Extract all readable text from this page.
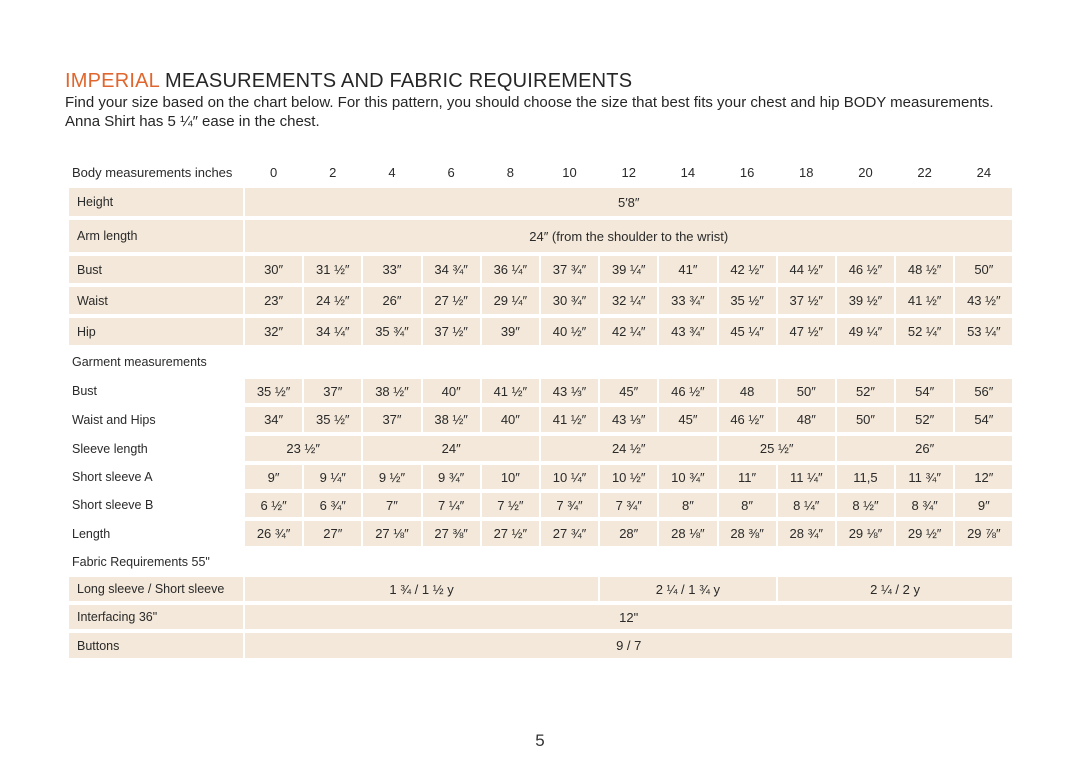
IMPERIAL MEASUREMENTS AND FABRIC REQUIREMENTS

Find your size based on the chart below. For this pattern, you should choose the size that best fits your chest and hip BODY measurements. Anna Shirt has 5 ¼″ ease in the chest.

Body measurements inches	0	2	4	6	8	10	12	14	16	18	20	22	24
Height	5′8″
Arm length	24″ (from the shoulder to the wrist)
Bust	30″	31 ½″	33″	34 ¾″	36 ¼″	37 ¾″	39 ¼″	41″	42 ½″	44 ½″	46 ½″	48 ½″	50″
Waist	23″	24 ½″	26″	27 ½″	29 ¼″	30 ¾″	32 ¼″	33 ¾″	35 ½″	37 ½″	39 ½″	41 ½″	43 ½″
Hip	32″	34 ¼″	35 ¾″	37 ½″	39″	40 ½″	42 ¼″	43 ¾″	45 ¼″	47 ½″	49 ¼″	52 ¼″	53 ¼″
Garment measurements
Bust	35 ½″	37″	38 ½″	40″	41 ½″	43 ⅓″	45″	46 ½″	48	50″	52″	54″	56″
Waist and Hips	34″	35 ½″	37″	38 ½″	40″	41 ½″	43 ⅓″	45″	46 ½″	48″	50″	52″	54″
Sleeve length	23 ½″	24″	24 ½″	25 ½″	26″
Short sleeve A	9″	9 ¼″	9 ½″	9 ¾″	10″	10 ¼″	10 ½″	10 ¾″	11″	11 ¼″	11,5	11 ¾″	12″
Short sleeve B	6 ½″	6 ¾″	7″	7 ¼″	7 ½″	7 ¾″	7 ¾″	8″	8″	8 ¼″	8 ½″	8 ¾″	9″
Length	26 ¾″	27″	27 ⅛″	27 ⅜″	27 ½″	27 ¾″	28″	28 ⅛″	28 ⅜″	28 ¾″	29 ⅛″	29 ½″	29 ⅞″
Fabric Requirements 55"
Long sleeve / Short sleeve	1 ¾ / 1 ½ y	2 ¼ / 1 ¾ y	2 ¼ / 2 y
Interfacing 36"	12"
Buttons	9 / 7
5
